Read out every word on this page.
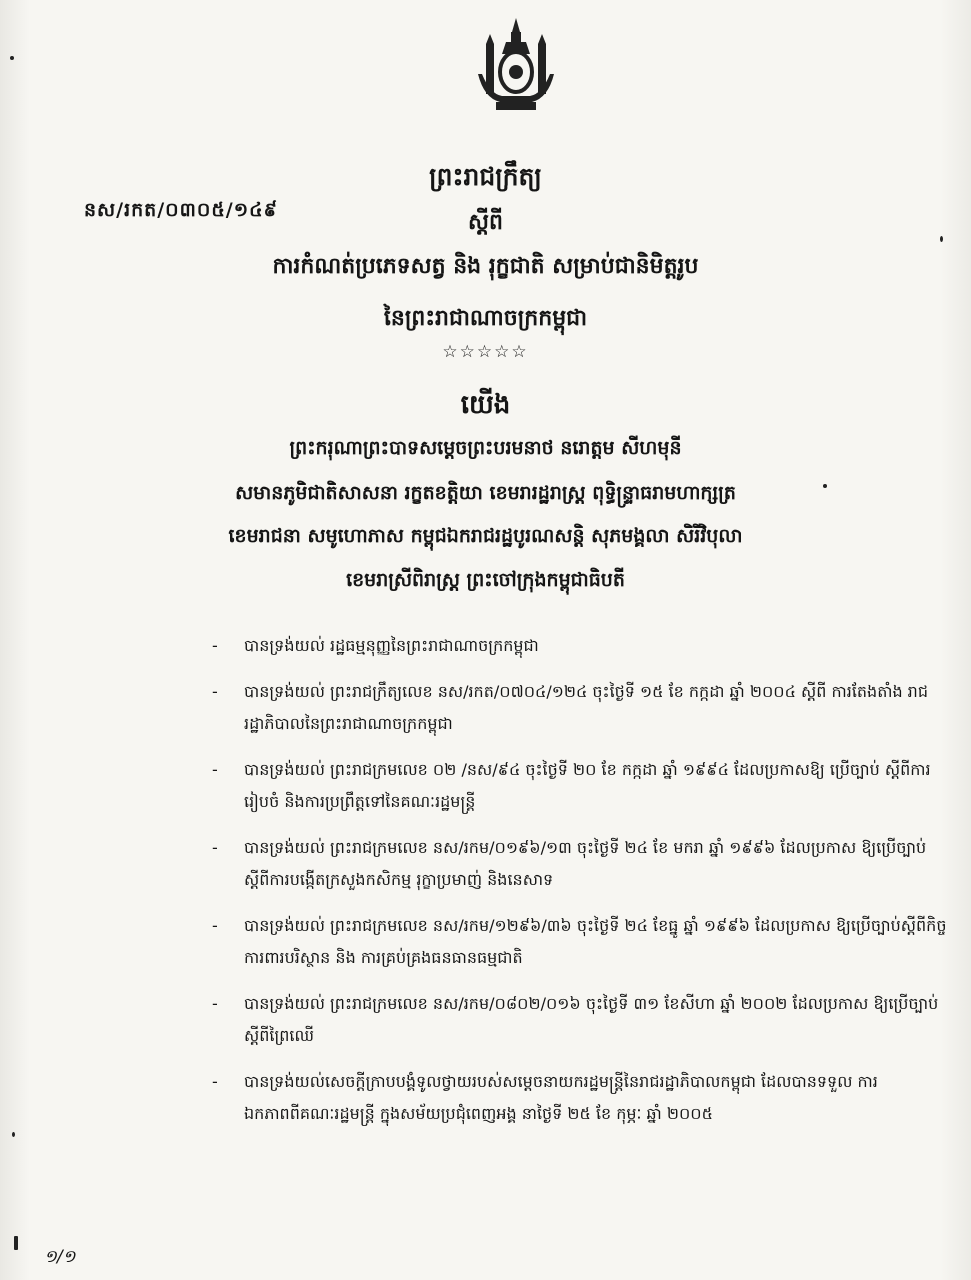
នស/រកត/០៣០៥/១៤៩
ព្រះរាជក្រឹត្យ
ស្តីពី
ការកំណត់ប្រភេទសត្វ និង រុក្ខជាតិ សម្រាប់ជានិមិត្តរូប
នៃព្រះរាជាណាចក្រកម្ពុជា
☆☆☆☆☆
យើង
ព្រះករុណាព្រះបាទសម្តេចព្រះបរមនាថ នរោត្តម សីហមុនី
សមានភូមិជាតិសាសនា រក្ខតខត្តិយា ខេមរារដ្ឋរាស្ត្រ ពុទ្ធិន្ទ្រាធរាមហាក្សត្រ
ខេមរាជនា សមូហោភាស កម្ពុជឯករាជរដ្ឋបូរណសន្តិ សុភមង្គលា សិរីវិបុលា
ខេមរាស្រីពិរាស្ត្រ ព្រះចៅក្រុងកម្ពុជាធិបតី
- បានទ្រង់យល់ រដ្ឋធម្មនុញ្ញនៃព្រះរាជាណាចក្រកម្ពុជា
- បានទ្រង់យល់ ព្រះរាជក្រឹត្យលេខ នស/រកត/០៧០៤/១២៤ ចុះថ្ងៃទី ១៥ ខែ កក្កដា ឆ្នាំ ២០០៤ ស្តីពី ការតែងតាំង រាជរដ្ឋាភិបាលនៃព្រះរាជាណាចក្រកម្ពុជា
- បានទ្រង់យល់ ព្រះរាជក្រមលេខ ០២ /នស/៩៤ ចុះថ្ងៃទី ២០ ខែ កក្កដា ឆ្នាំ ១៩៩៤ ដែលប្រកាសឱ្យ ប្រើច្បាប់ ស្តីពីការរៀបចំ និងការប្រព្រឹត្តទៅនៃគណៈរដ្ឋមន្ត្រី
- បានទ្រង់យល់ ព្រះរាជក្រមលេខ នស/រកម/០១៩៦/១៣ ចុះថ្ងៃទី ២៤ ខែ មករា ឆ្នាំ ១៩៩៦ ដែលប្រកាស ឱ្យប្រើច្បាប់ស្តីពីការបង្កើតក្រសួងកសិកម្ម រុក្ខាប្រមាញ់ និងនេសាទ
- បានទ្រង់យល់ ព្រះរាជក្រមលេខ នស/រកម/១២៩៦/៣៦ ចុះថ្ងៃទី ២៤ ខែធ្នូ ឆ្នាំ ១៩៩៦ ដែលប្រកាស ឱ្យប្រើច្បាប់ស្តីពីកិច្ចការពារបរិស្ថាន និង ការគ្រប់គ្រងធនធានធម្មជាតិ
- បានទ្រង់យល់ ព្រះរាជក្រមលេខ នស/រកម/០៨០២/០១៦ ចុះថ្ងៃទី ៣១ ខែសីហា ឆ្នាំ ២០០២ ដែលប្រកាស ឱ្យប្រើច្បាប់ស្តីពីព្រៃឈើ
- បានទ្រង់យល់សេចក្តីក្រាបបង្គំទូលថ្វាយរបស់សម្តេចនាយករដ្ឋមន្ត្រីនៃរាជរដ្ឋាភិបាលកម្ពុជា ដែលបានទទួល ការឯកភាពពីគណៈរដ្ឋមន្ត្រី ក្នុងសម័យប្រជុំពេញអង្គ នាថ្ងៃទី ២៥ ខែ កុម្ភៈ ឆ្នាំ ២០០៥
១/១
